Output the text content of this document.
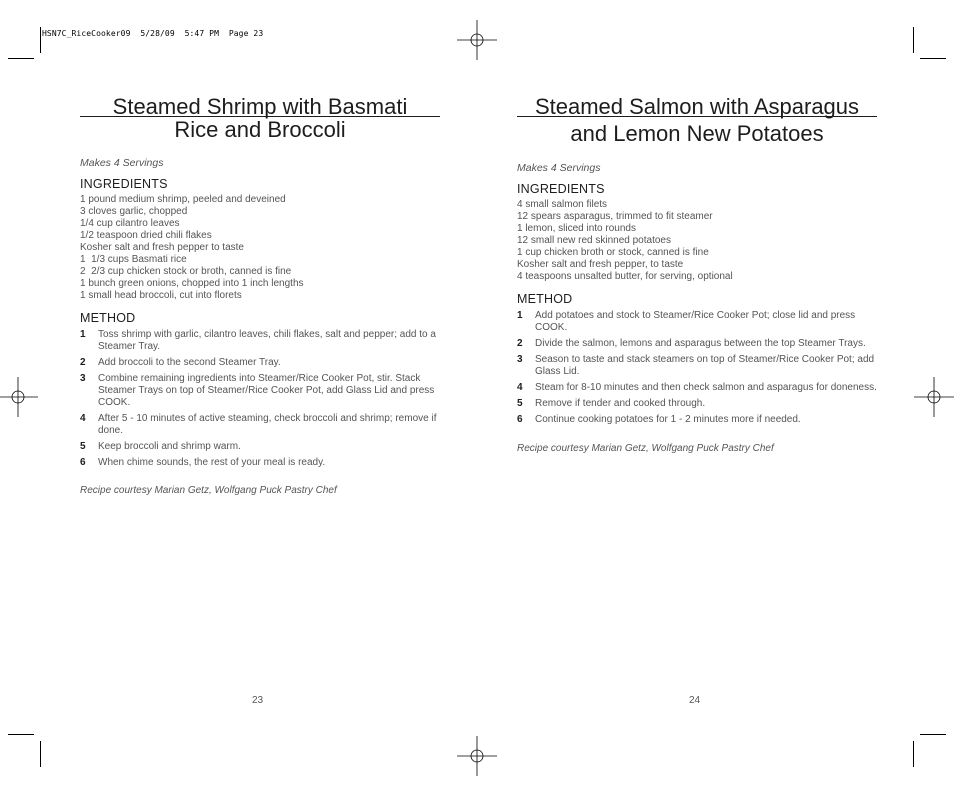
HSN7C_RiceCooker09  5/28/09  5:47 PM  Page 23
Steamed Shrimp with Basmati
Rice and Broccoli
Makes 4 Servings
INGREDIENTS
1 pound medium shrimp, peeled and deveined
3 cloves garlic, chopped
1/4 cup cilantro leaves
1/2 teaspoon dried chili flakes
Kosher salt and fresh pepper to taste
1  1/3 cups Basmati rice
2  2/3 cup chicken stock or broth, canned is fine
1 bunch green onions, chopped into 1 inch lengths
1 small head broccoli, cut into florets
METHOD
1	Toss shrimp with garlic, cilantro leaves, chili flakes, salt and pepper; add to a Steamer Tray.
2	Add broccoli to the second Steamer Tray.
3	Combine remaining ingredients into Steamer/Rice Cooker Pot, stir. Stack  Steamer Trays on top of Steamer/Rice Cooker Pot, add Glass Lid and press COOK.
4	After 5 - 10 minutes of active steaming, check broccoli and shrimp; remove if done.
5	Keep broccoli and shrimp warm.
6	When chime sounds, the rest of your meal is ready.
Recipe courtesy Marian Getz, Wolfgang Puck Pastry Chef
23
Steamed Salmon with Asparagus
and Lemon New Potatoes
Makes 4 Servings
INGREDIENTS
4 small salmon filets
12 spears asparagus, trimmed to fit steamer
1 lemon, sliced into rounds
12 small new red skinned potatoes
1 cup chicken broth or stock, canned is fine
Kosher salt and fresh pepper, to taste
4 teaspoons unsalted butter, for serving, optional
METHOD
1	Add potatoes and stock to Steamer/Rice Cooker Pot; close lid and press COOK.
2	Divide the salmon, lemons and asparagus between the top Steamer Trays.
3	Season to taste and stack steamers on top of Steamer/Rice Cooker Pot; add Glass Lid.
4	Steam for 8-10 minutes and then check salmon and asparagus for doneness.
5	Remove if tender and cooked through.
6	Continue cooking potatoes for 1 - 2 minutes more if needed.
Recipe courtesy Marian Getz, Wolfgang Puck Pastry Chef
24
